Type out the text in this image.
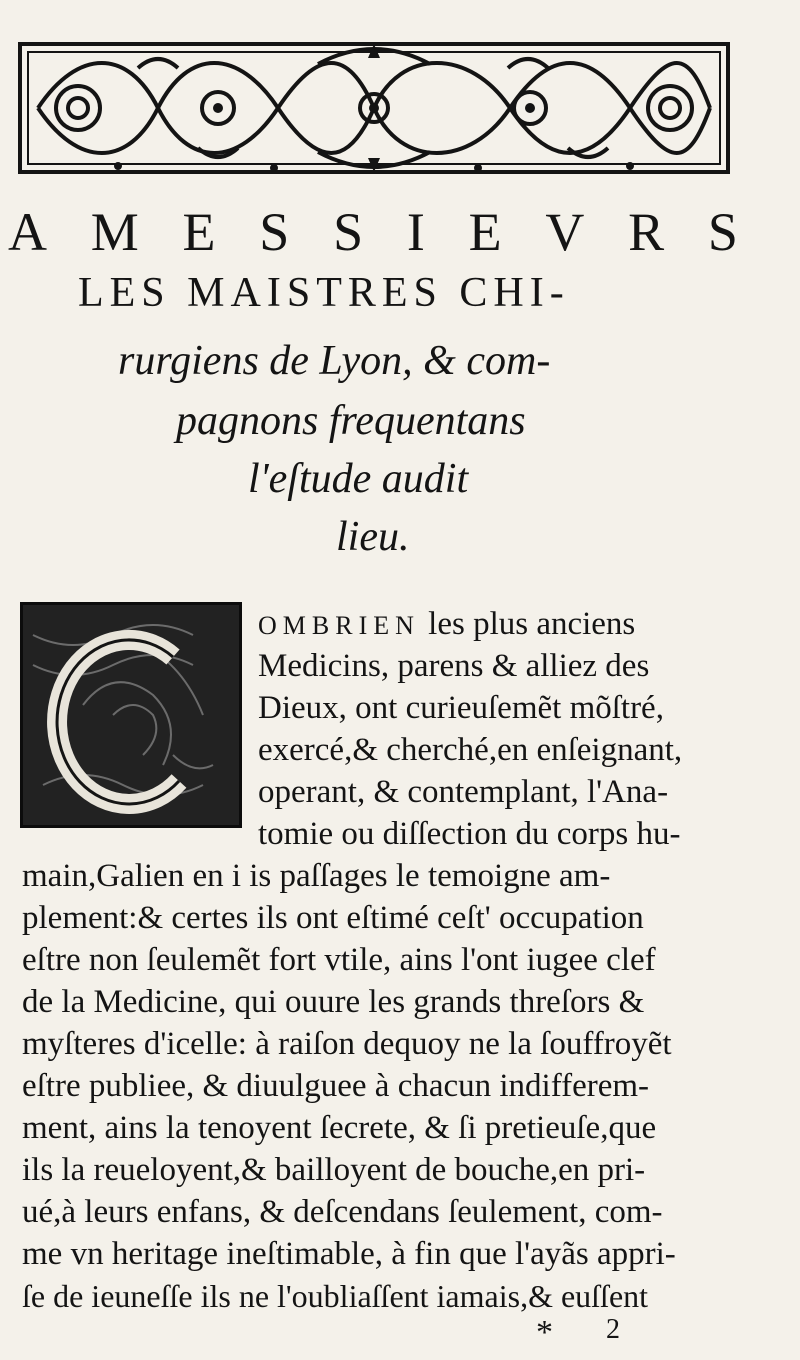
A M E S S I E V R S
LES MAISTRES CHI-
rurgiens de Lyon, & com-
pagnons frequentans
l'eſtude audit
lieu.
OMBRIEN les plus anciens
Medicins, parens & alliez des
Dieux, ont curieuſemẽt mõſtré,
exercé,& cherché,en enſeignant,
operant, & contemplant, l'Ana-
tomie ou diſſection du corps hu-
main,Galien en i is paſſages le temoigne am-
plement:& certes ils ont eſtimé ceſt' occupation
eſtre non ſeulemẽt fort vtile, ains l'ont iugee clef
de la Medicine, qui ouure les grands threſors &
myſteres d'icelle: à raiſon dequoy ne la ſouffroyẽt
eſtre publiee, & diuulguee à chacun indifferem-
ment, ains la tenoyent ſecrete, & ſi pretieuſe,que
ils la reueloyent,& bailloyent de bouche,en pri-
ué,à leurs enfans, & deſcendans ſeulement, com-
me vn heritage ineſtimable, à fin que l'ayãs appri-
ſe de ieuneſſe ils ne l'oubliaſſent iamais,& euſſent
* 2
